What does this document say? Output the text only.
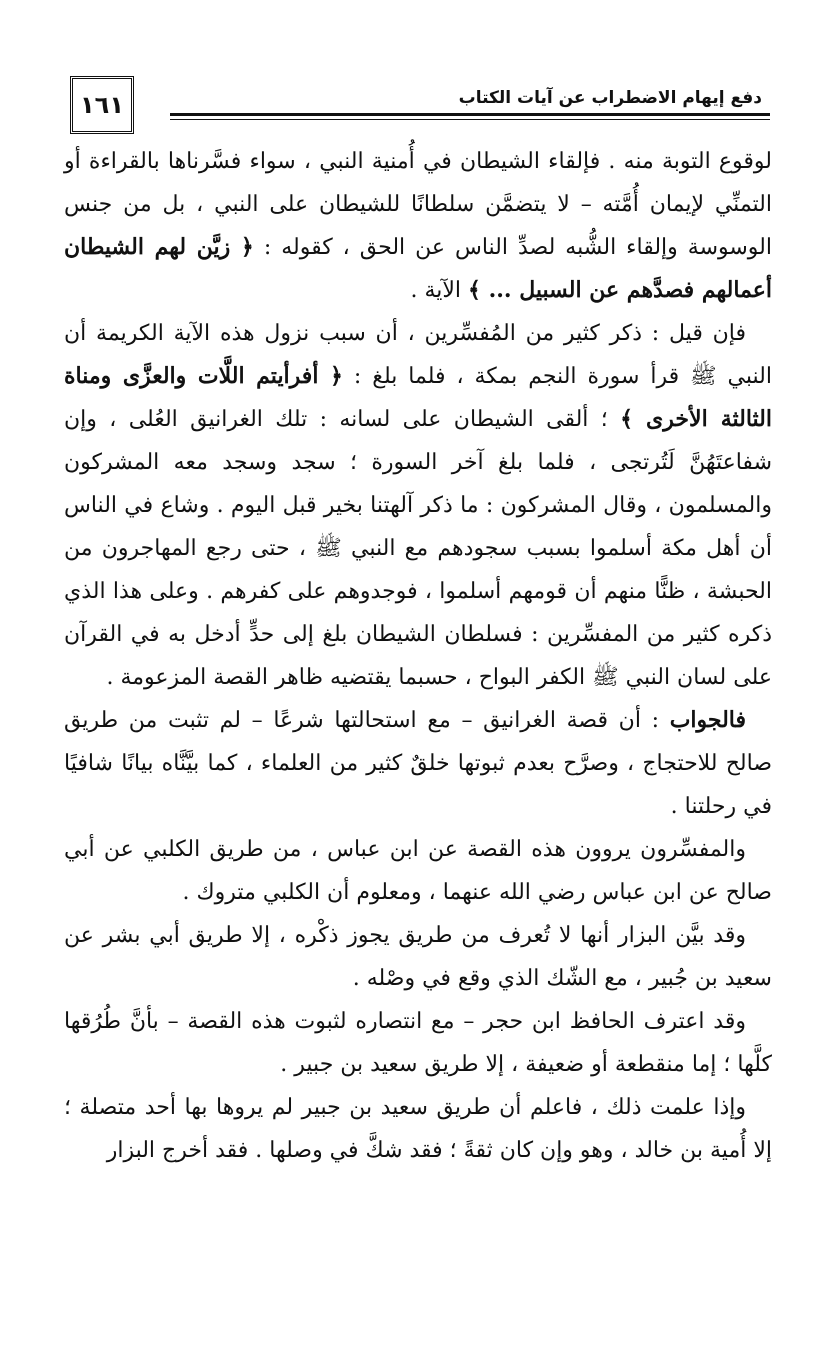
١٦١	دفع إيهام الاضطراب عن آيات الكتاب

لوقوع التوبة منه . فإلقاء الشيطان في أُمنية النبي ، سواء فسَّرناها بالقراءة أو التمنِّي لإيمان أُمَّته – لا يتضمَّن سلطانًا للشيطان على النبي ، بل من جنس الوسوسة وإلقاء الشُّبه لصدِّ الناس عن الحق ، كقوله : ﴿ زيَّن لهم الشيطان أعمالهم فصدَّهم عن السبيل ... ﴾ الآية .

فإن قيل : ذكر كثير من المُفسِّرين ، أن سبب نزول هذه الآية الكريمة أن النبي ﷺ قرأ سورة النجم بمكة ، فلما بلغ : ﴿ أفرأيتم اللَّات والعزَّى ومناة الثالثة الأخرى ﴾ ؛ ألقى الشيطان على لسانه : تلك الغرانيق العُلى ، وإن شفاعتَهُنَّ لَتُرتجى ، فلما بلغ آخر السورة ؛ سجد وسجد معه المشركون والمسلمون ، وقال المشركون : ما ذكر آلهتنا بخير قبل اليوم . وشاع في الناس أن أهل مكة أسلموا بسبب سجودهم مع النبي ﷺ ، حتى رجع المهاجرون من الحبشة ، ظنًّا منهم أن قومهم أسلموا ، فوجدوهم على كفرهم . وعلى هذا الذي ذكره كثير من المفسِّرين : فسلطان الشيطان بلغ إلى حدٍّ أدخل به في القرآن على لسان النبي ﷺ الكفر البواح ، حسبما يقتضيه ظاهر القصة المزعومة .

فالجواب : أن قصة الغرانيق – مع استحالتها شرعًا – لم تثبت من طريق صالح للاحتجاج ، وصرَّح بعدم ثبوتها خلقٌ كثير من العلماء ، كما بيَّنَّاه بيانًا شافيًا في رحلتنا .

والمفسِّرون يروون هذه القصة عن ابن عباس ، من طريق الكلبي عن أبي صالح عن ابن عباس رضي الله عنهما ، ومعلوم أن الكلبي متروك .

وقد بيَّن البزار أنها لا تُعرف من طريق يجوز ذكْره ، إلا طريق أبي بشر عن سعيد بن جُبير ، مع الشّك الذي وقع في وصْله .

وقد اعترف الحافظ ابن حجر – مع انتصاره لثبوت هذه القصة – بأنَّ طُرُقها كلَّها ؛ إما منقطعة أو ضعيفة ، إلا طريق سعيد بن جبير .

وإذا علمت ذلك ، فاعلم أن طريق سعيد بن جبير لم يروها بها أحد متصلة ؛ إلا أُمية بن خالد ، وهو وإن كان ثقةً ؛ فقد شكَّ في وصلها . فقد أخرج البزار
